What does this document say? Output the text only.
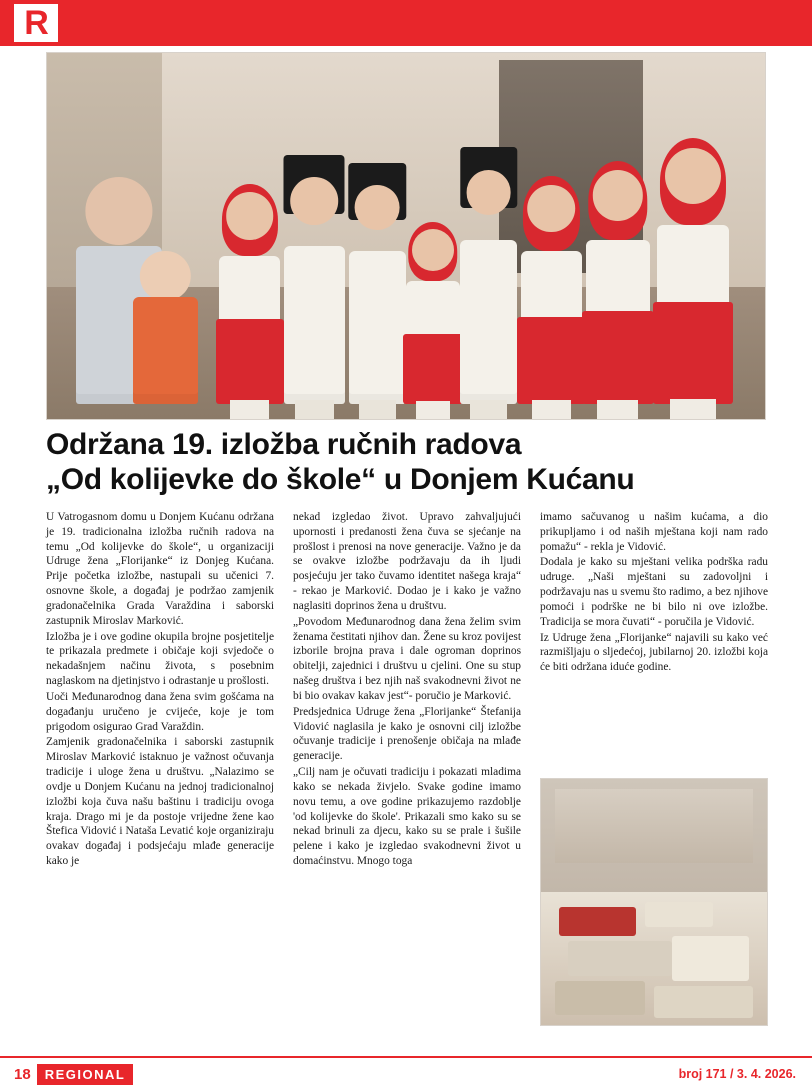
R
Održana 19. izložba ručnih radova
„Od kolijevke do škole“ u Donjem Kućanu

U Vatrogasnom domu u Donjem Kućanu održana je 19. tradicionalna izložba ručnih radova na temu „Od kolijevke do škole“, u organizaciji Udruge žena „Florijanke“ iz Donjeg Kućana. Prije početka izložbe, nastupali su učenici 7. osnovne škole, a događaj je podržao zamjenik gradonačelnika Grada Varaždina i saborski zastupnik Miroslav Marković.

Izložba je i ove godine okupila brojne posjetitelje te prikazala predmete i običaje koji svjedoče o nekadašnjem načinu života, s posebnim naglaskom na djetinjstvo i odrastanje u prošlosti.

Uoči Međunarodnog dana žena svim gošćama na događanju uručeno je cvijeće, koje je tom prigodom osigurao Grad Varaždin.

Zamjenik gradonačelnika i saborski zastupnik Miroslav Marković istaknuo je važnost očuvanja tradicije i uloge žena u društvu. „Nalazimo se ovdje u Donjem Kućanu na jednoj tradicionalnoj izložbi koja čuva našu baštinu i tradiciju ovoga kraja. Drago mi je da postoje vrijedne žene kao Štefica Vidović i Nataša Levatić koje organiziraju ovakav događaj i podsjećaju mlađe generacije kako je

nekad izgledao život. Upravo zahvaljujući upornosti i predanosti žena čuva se sjećanje na prošlost i prenosi na nove generacije. Važno je da se ovakve izložbe podržavaju da ih ljudi posjećuju jer tako čuvamo identitet našega kraja“ - rekao je Marković. Dodao je i kako je važno naglasiti doprinos žena u društvu.

„Povodom Međunarodnog dana žena želim svim ženama čestitati njihov dan. Žene su kroz povijest izborile brojna prava i dale ogroman doprinos obitelji, zajednici i društvu u cjelini. One su stup našeg društva i bez njih naš svakodnevni život ne bi bio ovakav kakav jest“- poručio je Marković.

Predsjednica Udruge žena „Florijanke“ Štefanija Vidović naglasila je kako je osnovni cilj izložbe očuvanje tradicije i prenošenje običaja na mlađe generacije.

„Cilj nam je očuvati tradiciju i pokazati mladima kako se nekada živjelo. Svake godine imamo novu temu, a ove godine prikazujemo razdoblje 'od kolijevke do škole'. Prikazali smo kako su se nekad brinuli za djecu, kako su se prale i šušile pelene i kako je izgledao svakodnevni život u domaćinstvu. Mnogo toga

imamo sačuvanog u našim kućama, a dio prikupljamo i od naših mještana koji nam rado pomažu“ - rekla je Vidović.

Dodala je kako su mještani velika podrška radu udruge. „Naši mještani su zadovoljni i podržavaju nas u svemu što radimo, a bez njihove pomoći i podrške ne bi bilo ni ove izložbe. Tradicija se mora čuvati“ - poručila je Vidović.

Iz Udruge žena „Florijanke“ najavili su kako već razmišljaju o sljedećoj, jubilarnoj 20. izložbi koja će biti održana iduće godine.

18	REGIONAL	broj 171 / 3. 4. 2026.
